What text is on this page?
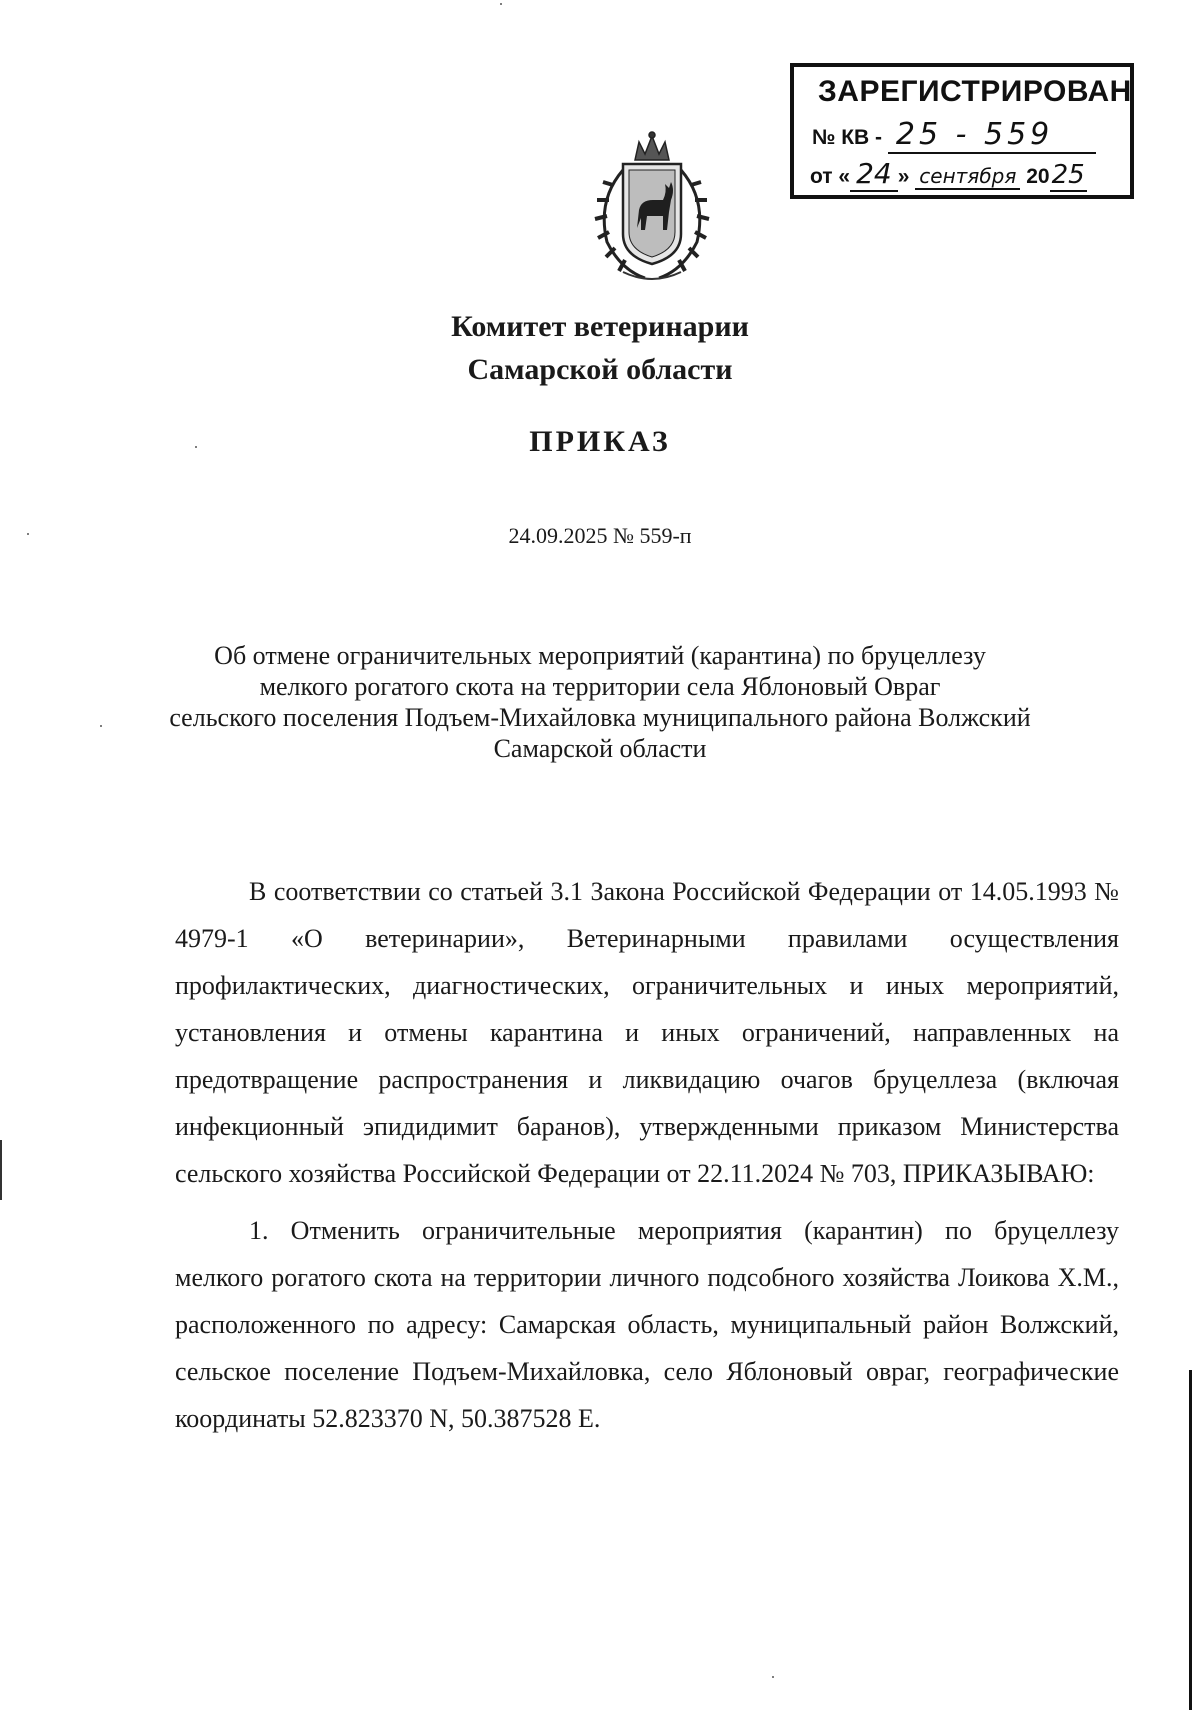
ЗАРЕГИСТРИРОВАН
№ КВ - 25 - 559
от « 24 » сентября 2025
Комитет ветеринарии
Самарской области
ПРИКАЗ
24.09.2025 № 559-п
Об отмене ограничительных мероприятий (карантина) по бруцеллезу
мелкого рогатого скота на территории села Яблоновый Овраг
сельского поселения Подъем-Михайловка муниципального района Волжский
Самарской области

В соответствии со статьей 3.1 Закона Российской Федерации от 14.05.1993 № 4979-1 «О ветеринарии», Ветеринарными правилами осуществления профилактических, диагностических, ограничительных и иных мероприятий, установления и отмены карантина и иных ограничений, направленных на предотвращение распространения и ликвидацию очагов бруцеллеза (включая инфекционный эпидидимит баранов), утвержденными приказом Министерства сельского хозяйства Российской Федерации от 22.11.2024 № 703, ПРИКАЗЫВАЮ:

1. Отменить ограничительные мероприятия (карантин) по бруцеллезу мелкого рогатого скота на территории личного подсобного хозяйства Лоикова Х.М., расположенного по адресу: Самарская область, муниципальный район Волжский, сельское поселение Подъем-Михайловка, село Яблоновый овраг, географические координаты 52.823370 N, 50.387528 E.
